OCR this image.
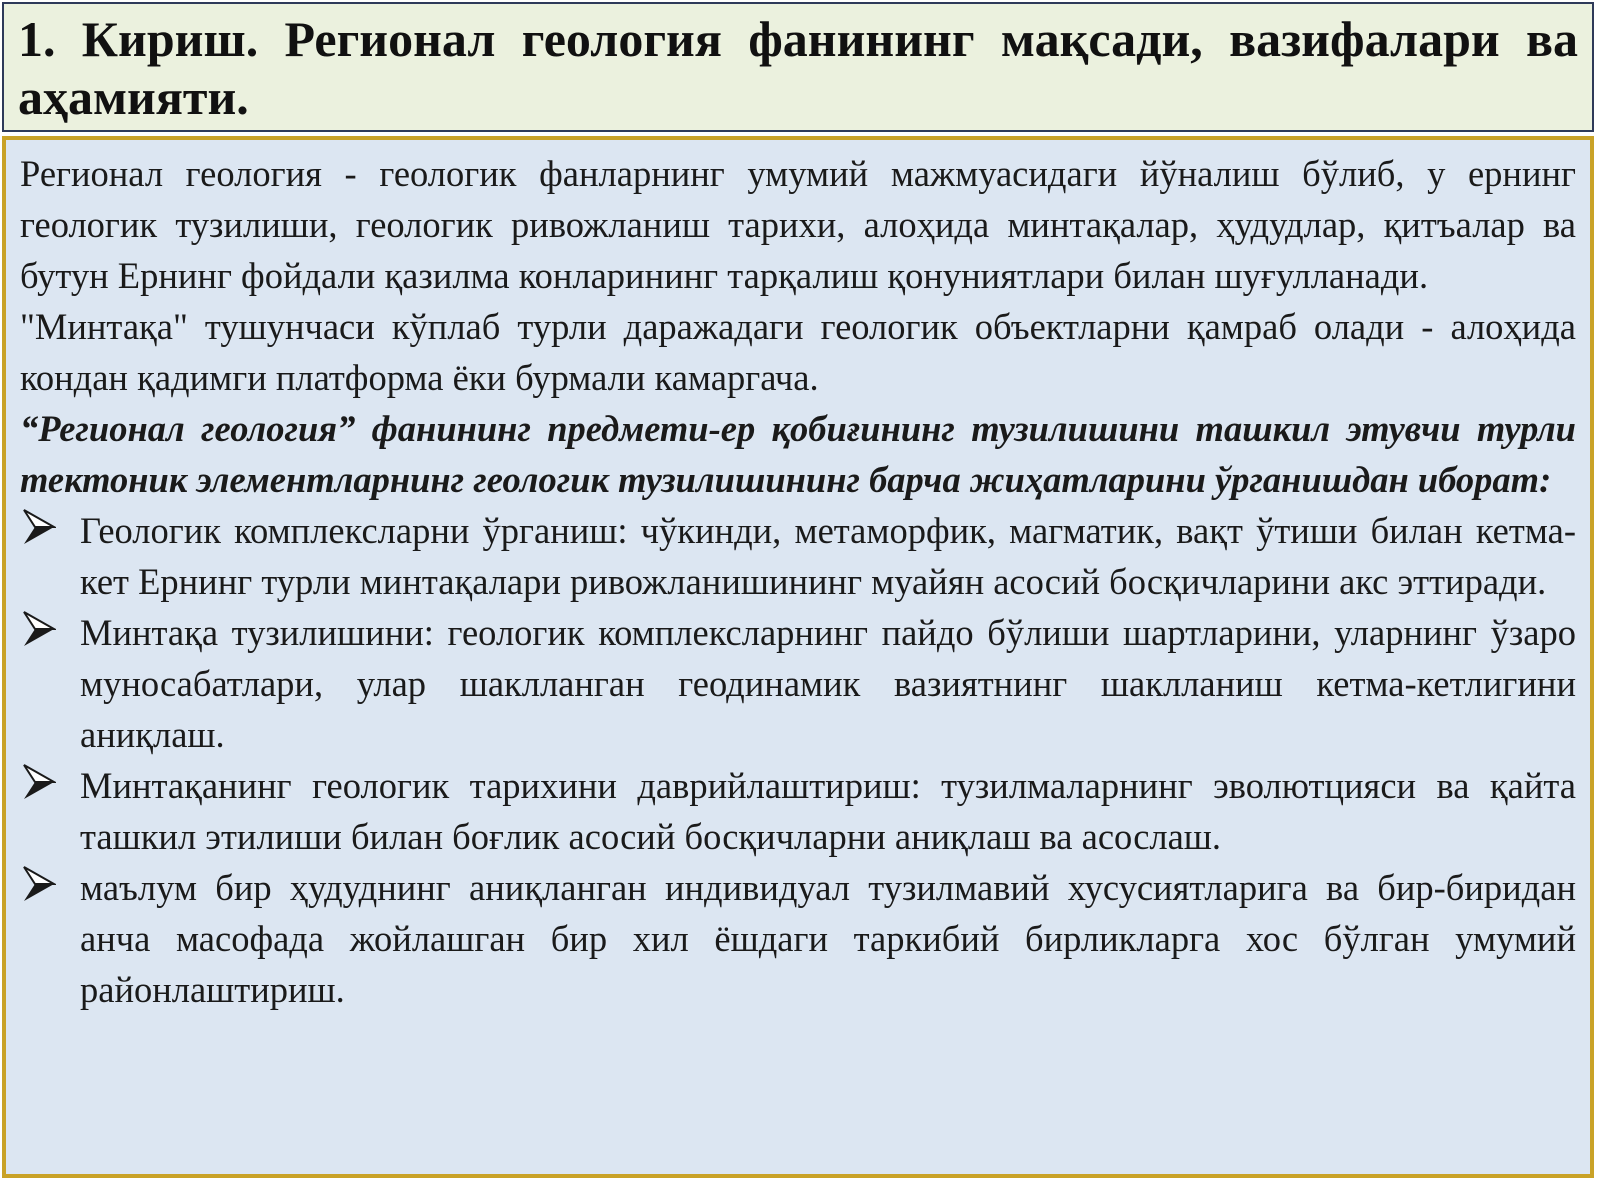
1. Кириш. Регионал геология фанининг мақсади, вазифалари ва аҳамияти.

Регионал геология - геологик фанларнинг умумий мажмуасидаги йўналиш бўлиб, у ернинг геологик тузилиши, геологик ривожланиш тарихи, алоҳида минтақалар, ҳудудлар, қитъалар ва бутун Ернинг фойдали қазилма конларининг тарқалиш қонуниятлари билан шуғулланади.

"Минтақа" тушунчаси кўплаб турли даражадаги геологик объектларни қамраб олади - алоҳида кондан қадимги платформа ёки бурмали камаргача.

“Регионал геология” фанининг предмети-ер қобиғининг тузилишини ташкил этувчи турли тектоник элементларнинг геологик тузилишининг барча жиҳатларини ўрганишдан иборат:

Геологик комплексларни ўрганиш: чўкинди, метаморфик, магматик, вақт ўтиши билан кетма-кет Ернинг турли минтақалари ривожланишининг муайян асосий босқичларини акс эттиради.
Минтақа тузилишини: геологик комплексларнинг пайдо бўлиши шартларини, уларнинг ўзаро муносабатлари, улар шаклланган геодинамик вазиятнинг шаклланиш кетма-кетлигини аниқлаш.
Минтақанинг геологик тарихини даврийлаштириш: тузилмаларнинг эволютцияси ва қайта ташкил этилиши билан боғлик асосий босқичларни аниқлаш ва асослаш.
маълум бир ҳудуднинг аниқланган индивидуал тузилмавий хусусиятларига ва бир-биридан анча масофада жойлашган бир хил ёшдаги таркибий бирликларга хос бўлган умумий районлаштириш.
